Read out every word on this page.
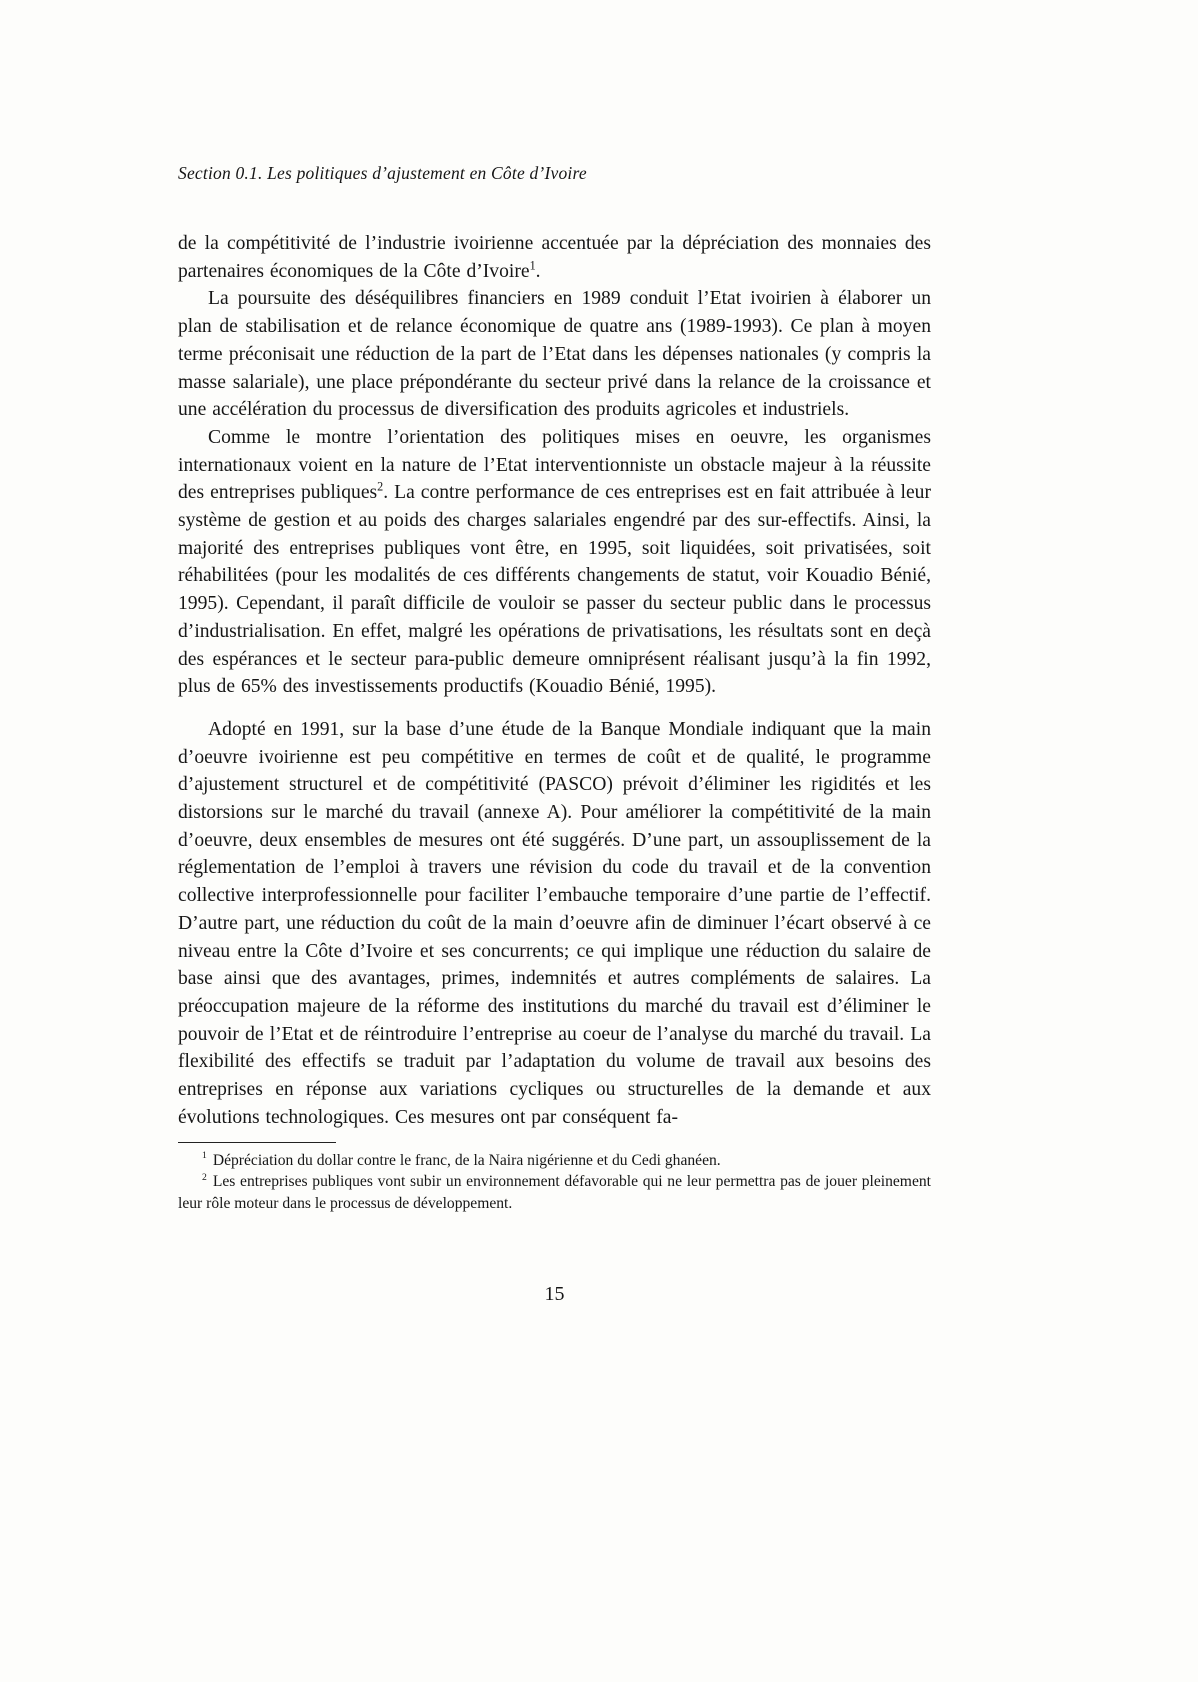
Section 0.1. Les politiques d’ajustement en Côte d’Ivoire

de la compétitivité de l’industrie ivoirienne accentuée par la dépréciation des monnaies des partenaires économiques de la Côte d’Ivoire$^1$.

La poursuite des déséquilibres financiers en 1989 conduit l’Etat ivoirien à élaborer un plan de stabilisation et de relance économique de quatre ans (1989-1993). Ce plan à moyen terme préconisait une réduction de la part de l’Etat dans les dépenses nationales (y compris la masse salariale), une place prépondérante du secteur privé dans la relance de la croissance et une accélération du processus de diversification des produits agricoles et industriels.

Comme le montre l’orientation des politiques mises en oeuvre, les organismes internationaux voient en la nature de l’Etat interventionniste un obstacle majeur à la réussite des entreprises publiques$^2$. La contre performance de ces entreprises est en fait attribuée à leur système de gestion et au poids des charges salariales engendré par des sur-effectifs. Ainsi, la majorité des entreprises publiques vont être, en 1995, soit liquidées, soit privatisées, soit réhabilitées (pour les modalités de ces différents changements de statut, voir Kouadio Bénié, 1995). Cependant, il paraît difficile de vouloir se passer du secteur public dans le processus d’industrialisation. En effet, malgré les opérations de privatisations, les résultats sont en deçà des espérances et le secteur para-public demeure omniprésent réalisant jusqu’à la fin 1992, plus de 65% des investissements productifs (Kouadio Bénié, 1995).

Adopté en 1991, sur la base d’une étude de la Banque Mondiale indiquant que la main d’oeuvre ivoirienne est peu compétitive en termes de coût et de qualité, le programme d’ajustement structurel et de compétitivité (PASCO) prévoit d’éliminer les rigidités et les distorsions sur le marché du travail (annexe A). Pour améliorer la compétitivité de la main d’oeuvre, deux ensembles de mesures ont été suggérés. D’une part, un assouplissement de la réglementation de l’emploi à travers une révision du code du travail et de la convention collective interprofessionnelle pour faciliter l’embauche temporaire d’une partie de l’effectif. D’autre part, une réduction du coût de la main d’oeuvre afin de diminuer l’écart observé à ce niveau entre la Côte d’Ivoire et ses concurrents; ce qui implique une réduction du salaire de base ainsi que des avantages, primes, indemnités et autres compléments de salaires. La préoccupation majeure de la réforme des institutions du marché du travail est d’éliminer le pouvoir de l’Etat et de réintroduire l’entreprise au coeur de l’analyse du marché du travail. La flexibilité des effectifs se traduit par l’adaptation du volume de travail aux besoins des entreprises en réponse aux variations cycliques ou structurelles de la demande et aux évolutions technologiques. Ces mesures ont par conséquent fa-

$^1$ Dépréciation du dollar contre le franc, de la Naira nigérienne et du Cedi ghanéen.

$^2$ Les entreprises publiques vont subir un environnement défavorable qui ne leur permettra pas de jouer pleinement leur rôle moteur dans le processus de développement.

15
